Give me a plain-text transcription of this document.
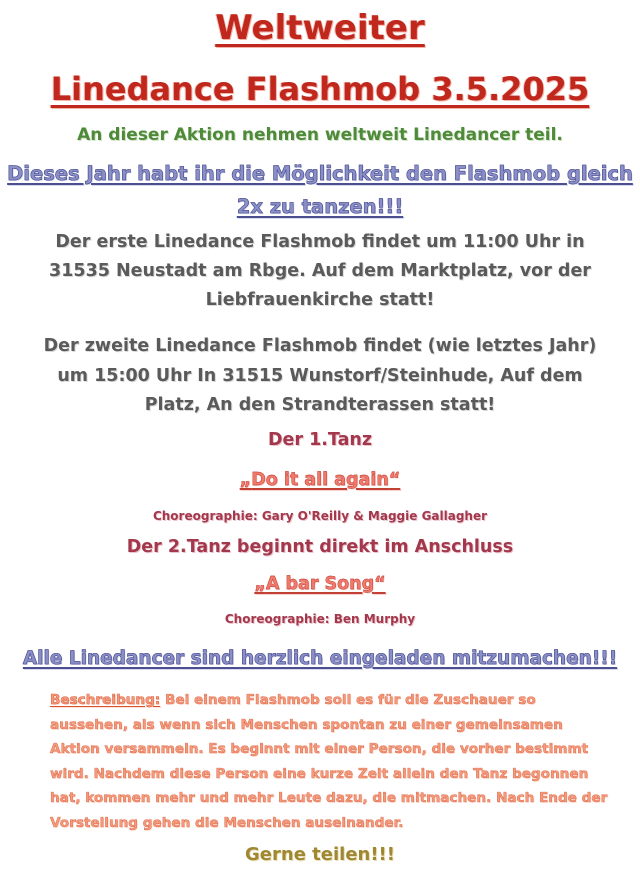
Weltweiter
Linedance Flashmob 3.5.2025
An dieser Aktion nehmen weltweit Linedancer teil.
Dieses Jahr habt ihr die Möglichkeit den Flashmob gleich
2x zu tanzen!!!
Der erste Linedance Flashmob findet um 11:00 Uhr in
31535 Neustadt am Rbge. Auf dem Marktplatz, vor der
Liebfrauenkirche statt!
Der zweite Linedance Flashmob findet (wie letztes Jahr)
um 15:00 Uhr In 31515 Wunstorf/Steinhude, Auf dem
Platz, An den Strandterassen statt!
Der 1.Tanz
„Do it all again“
Choreographie: Gary O'Reilly & Maggie Gallagher
Der 2.Tanz beginnt direkt im Anschluss
„A bar Song“
Choreographie: Ben Murphy
Alle Linedancer sind herzlich eingeladen mitzumachen!!!
Beschreibung: Bei einem Flashmob soll es für die Zuschauer so aussehen, als wenn sich Menschen spontan zu einer gemeinsamen Aktion versammeln. Es beginnt mit einer Person, die vorher bestimmt wird. Nachdem diese Person eine kurze Zeit allein den Tanz begonnen hat, kommen mehr und mehr Leute dazu, die mitmachen. Nach Ende der Vorstellung gehen die Menschen auseinander.
Gerne teilen!!!
